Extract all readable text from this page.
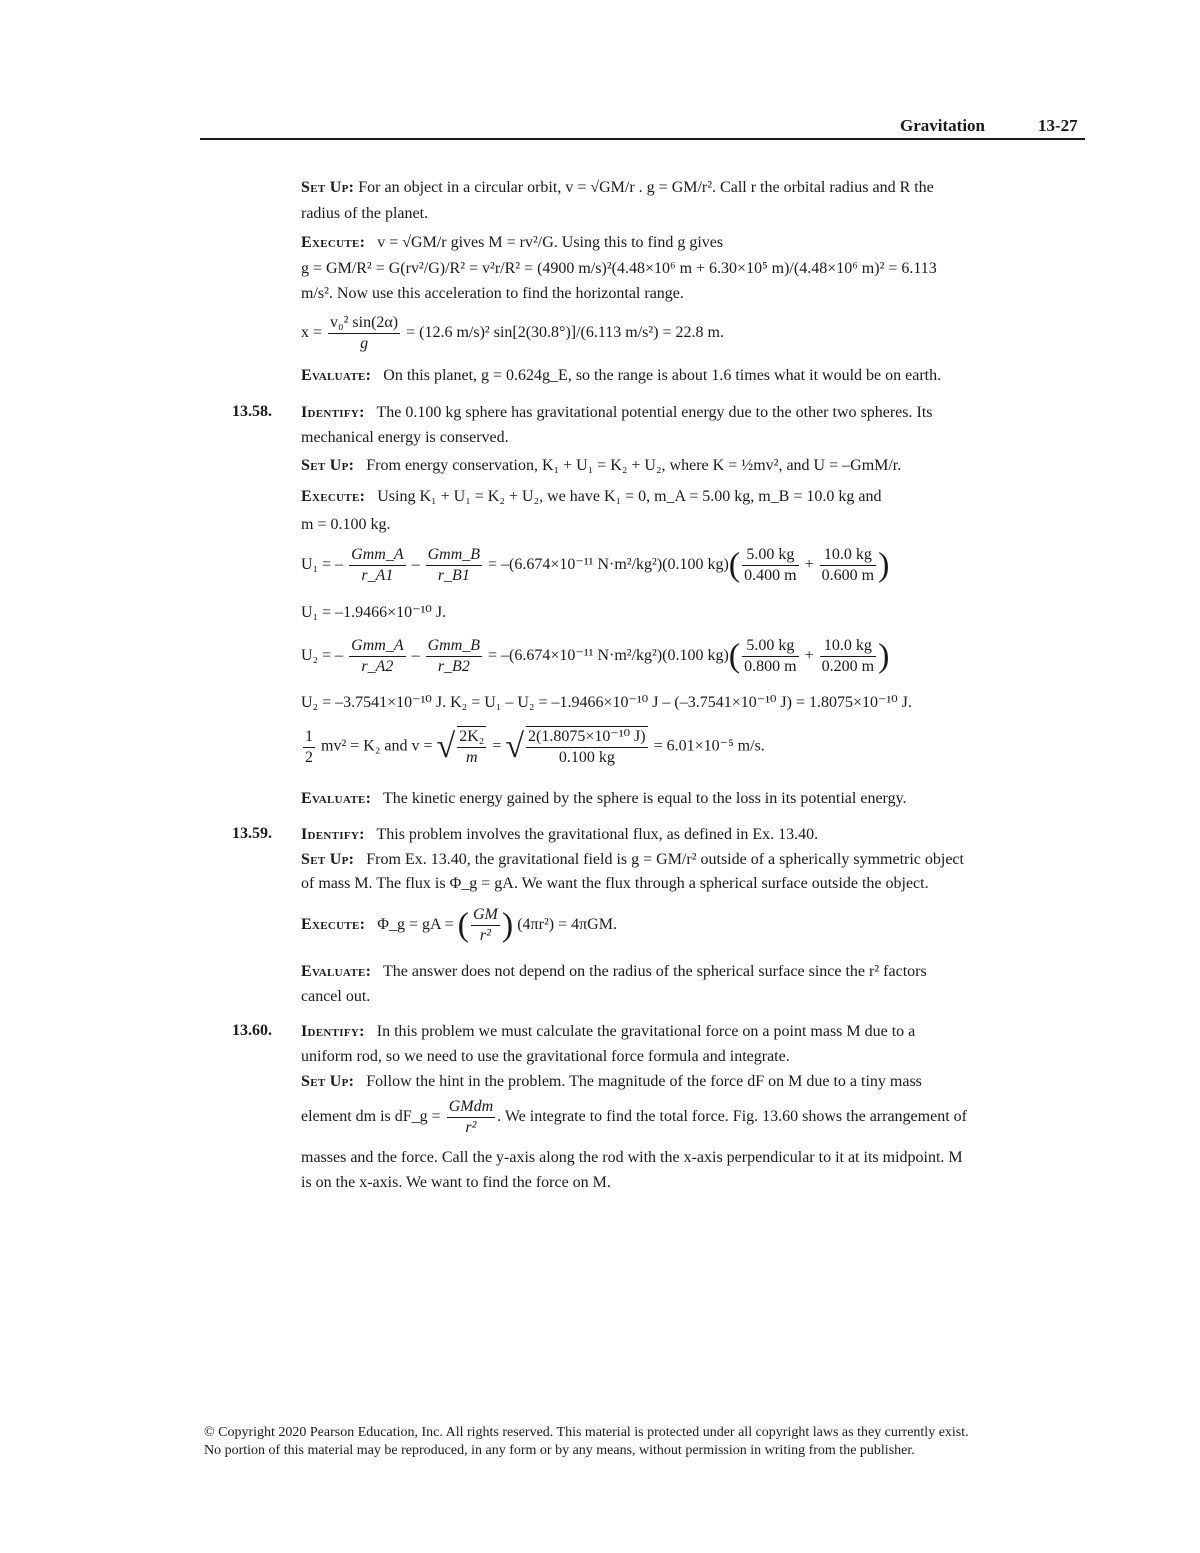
Gravitation	13-27
Set Up: For an object in a circular orbit, v = √GM/r . g = GM/r². Call r the orbital radius and R the
radius of the planet.
Execute: v = √GM/r gives M = rv²/G. Using this to find g gives
g = GM/R² = G(rv²/G)/R² = v²r/R² = (4900 m/s)²(4.48×10⁶ m + 6.30×10⁵ m)/(4.48×10⁶ m)² = 6.113
m/s². Now use this acceleration to find the horizontal range.
$x = \frac{\text{v₀² sin(2α)}}{g} = (12.6$ m/s)² sin[2(30.8°)]/(6.113 m/s²) = 22.8 m.
Evaluate: On this planet, g = 0.624g_E, so the range is about 1.6 times what it would be on earth.
13.58. Identify: The 0.100 kg sphere has gravitational potential energy due to the other two spheres. Its
mechanical energy is conserved.
Set Up: From energy conservation, K₁ + U₁ = K₂ + U₂, where K = ½mv², and U = –GmM/r.
Execute: Using K₁ + U₁ = K₂ + U₂, we have K₁ = 0, m_A = 5.00 kg, m_B = 10.0 kg and
m = 0.100 kg.
U₁ = – $\frac{\text{Gmm\_A}}{r\_A1} - \frac{\text{Gmm\_B}}{r\_B1} = -(6.674\times 10^{-11}$ N·m²/kg²)(0.100 $kg)( \frac{5.00 kg}{0.400 m} + \frac{10.0 kg}{0.600 m}$ )
U₁ = –1.9466×10⁻¹⁰ J.
U₂ = – $\frac{\text{Gmm\_A}}{r\_A2} - \frac{\text{Gmm\_B}}{r\_B2} = -(6.674\times 10^{-11}$ N·m²/kg²)(0.100 $kg)( \frac{5.00 kg}{0.800 m} + \frac{10.0 kg}{0.200 m}$ )
U₂ = –3.7541×10⁻¹⁰ J. K₂ = U₁ – U₂ = –1.9466×10⁻¹⁰ J – (–3.7541×10⁻¹⁰ J) = 1.8075×10⁻¹⁰ J.
$\frac{1}{2} mv^2 = K_2$ and v = √ $\frac{\text{2K₂}}{m}$ = √ $\frac{\text{2(1.8075×10⁻¹⁰ J)}}{0.100 kg} = 6.01\times 10^{-5}$ m/s.
Evaluate: The kinetic energy gained by the sphere is equal to the loss in its potential energy.
13.59. Identify: This problem involves the gravitational flux, as defined in Ex. 13.40.
Set Up: From Ex. 13.40, the gravitational field is g = GM/r² outside of a spherically symmetric object
of mass M. The flux is Φ_g = gA. We want the flux through a spherical surface outside the object.
Execute: Φ_g = gA = ( $\frac{GM}{\text{r²}}$ ) (4πr²) = 4πGM.
Evaluate: The answer does not depend on the radius of the spherical surface since the r² factors
cancel out.
13.60. Identify: In this problem we must calculate the gravitational force on a point mass M due to a
uniform rod, so we need to use the gravitational force formula and integrate.
Set Up: Follow the hint in the problem. The magnitude of the force dF on M due to a tiny mass
element dm is dF_g = $\frac{\text{GMdm}}{\text{r²}}$ . We integrate to find the total force. Fig. 13.60 shows the arrangement of
masses and the force. Call the y-axis along the rod with the x-axis perpendicular to it at its midpoint. M
is on the x-axis. We want to find the force on M.
© Copyright 2020 Pearson Education, Inc. All rights reserved. This material is protected under all copyright laws as they currently exist.
No portion of this material may be reproduced, in any form or by any means, without permission in writing from the publisher.
